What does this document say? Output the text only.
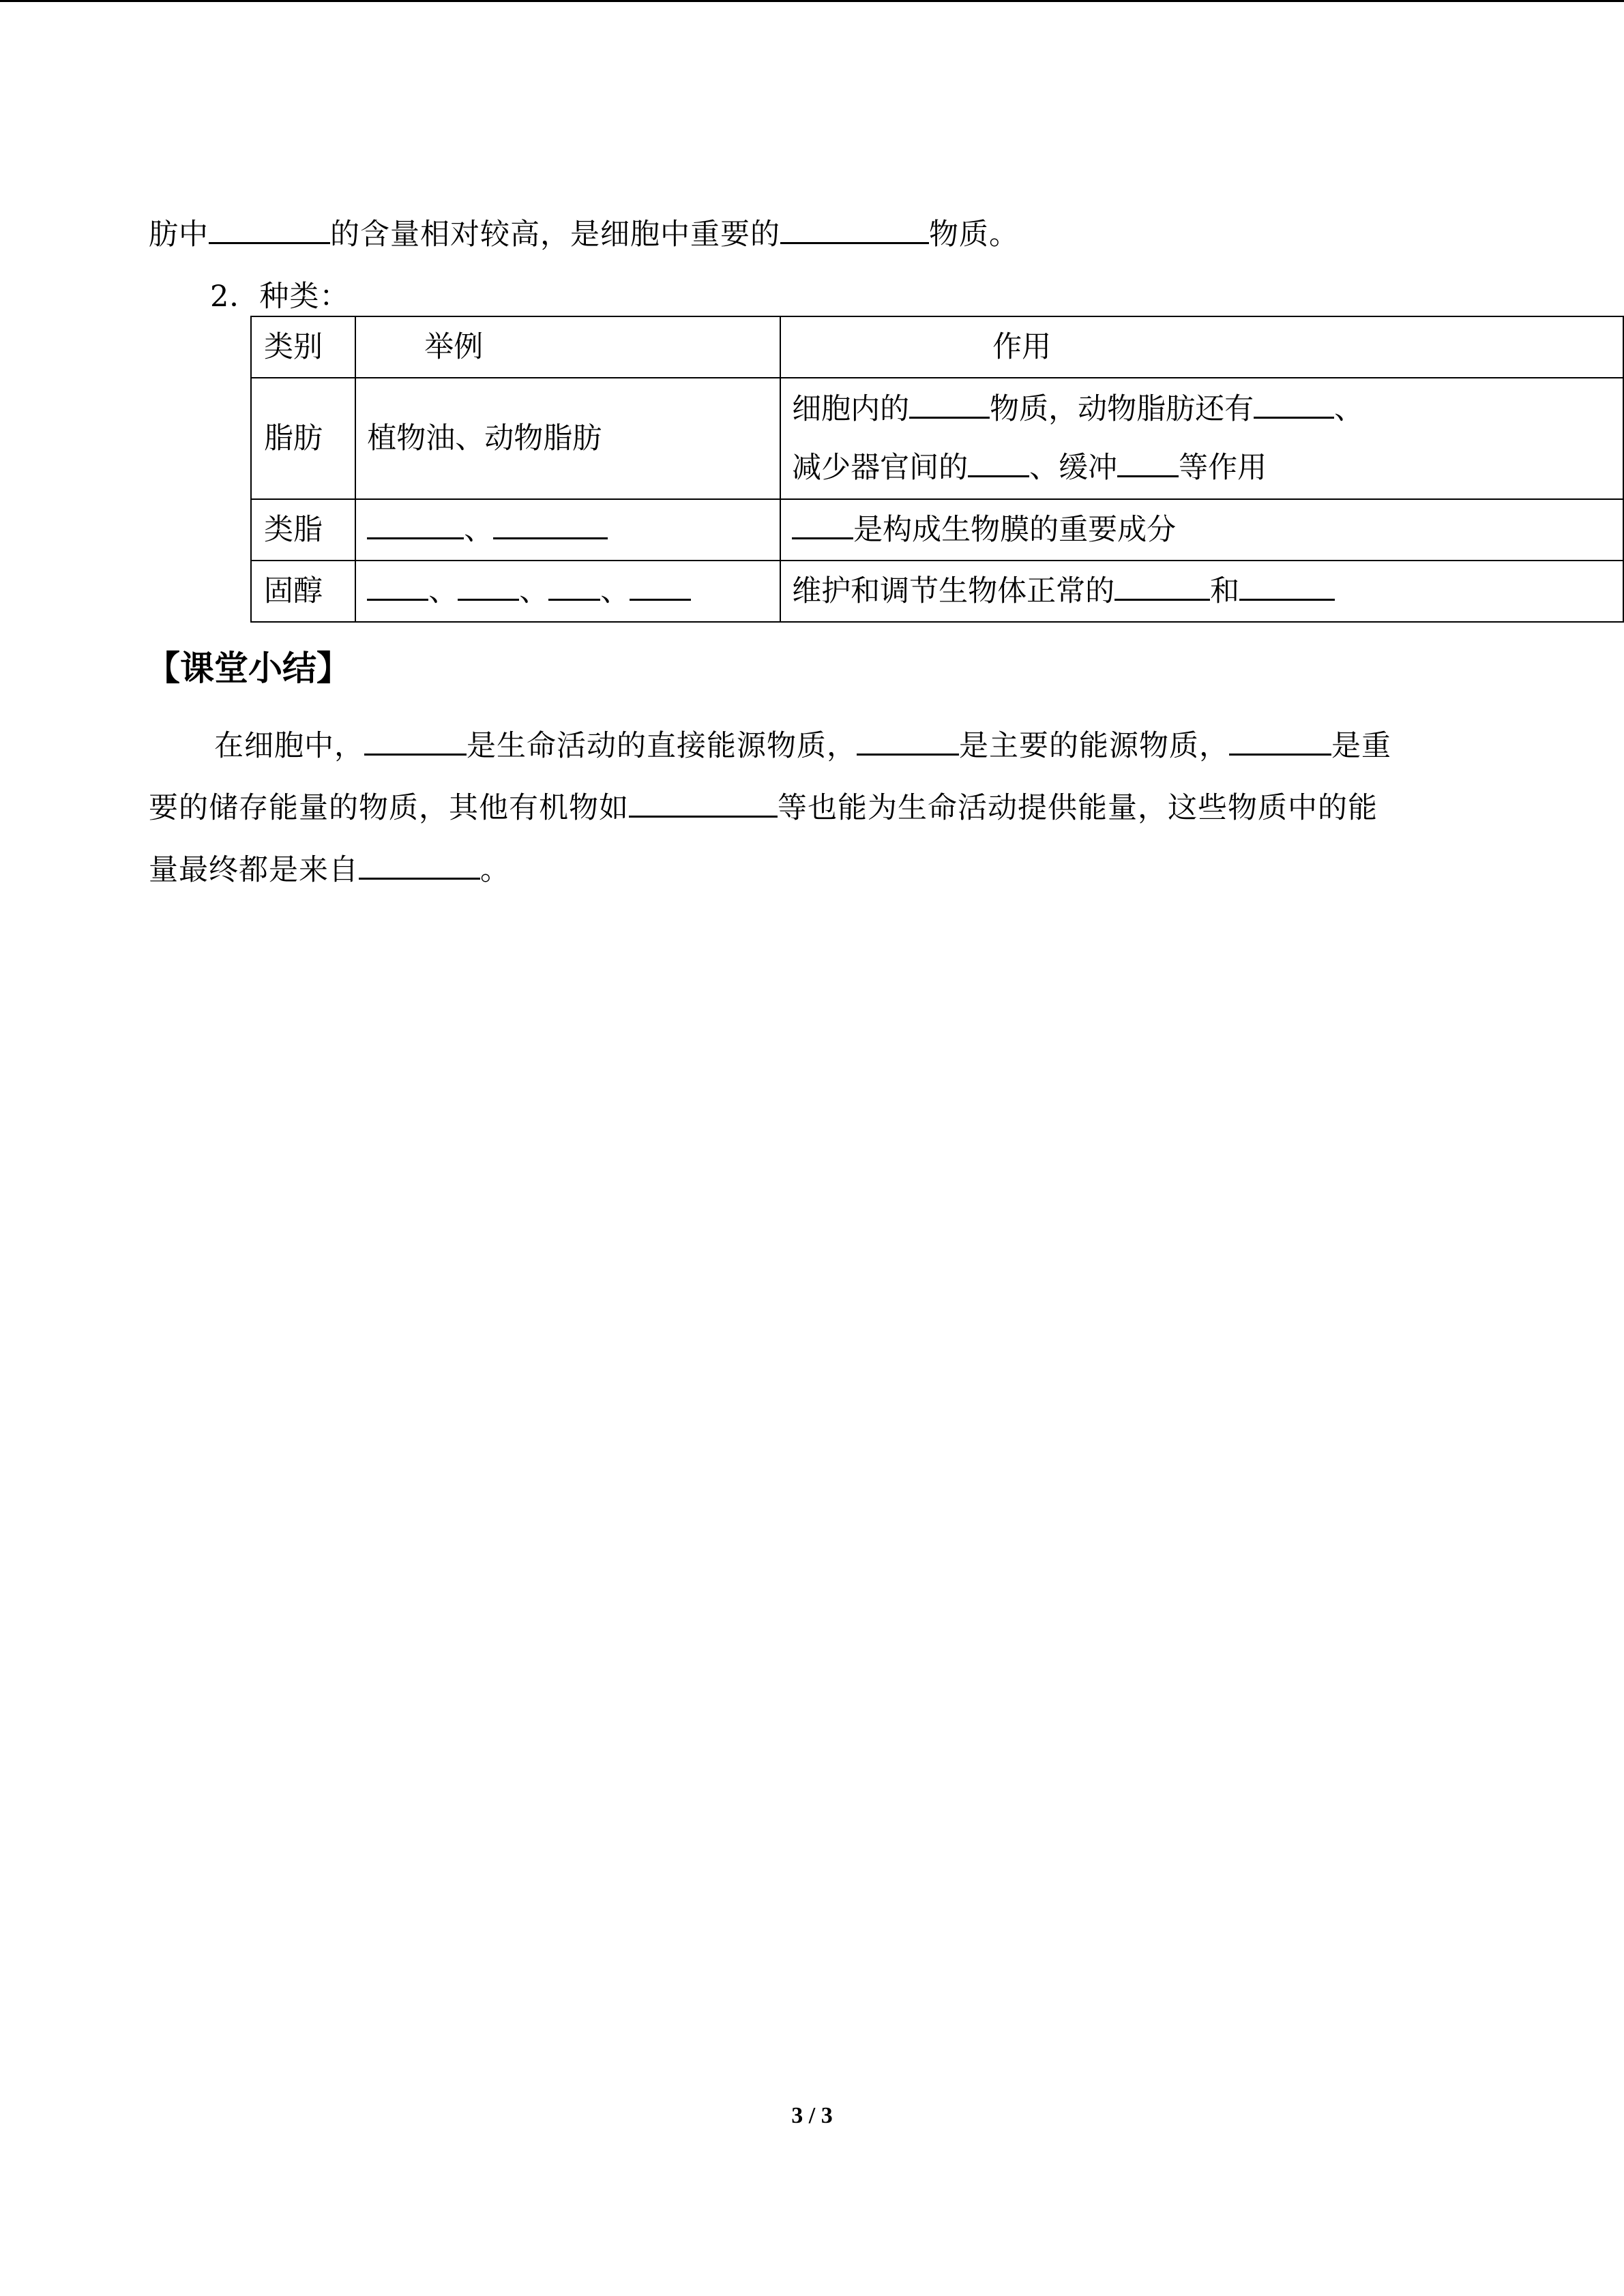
肪中	的含量相对较高，是细胞中重要的	物质。
2．种类：
类别	举例	作用
脂肪	植物油、动物脂肪	细胞内的 物质，动物脂肪还有 、
减少器官间的 、缓冲 等作用

类脂	、	是构成生物膜的重要成分
固醇	、 、 、	维护和调节生物体正常的 和
【课堂小结】
在细胞中，	是生命活动的直接能源物质，	是主要的能源物质，	是重
要的储存能量的物质，其他有机物如	等也能为生命活动提供能量，这些物质中的能
量最终都是来自	。
3 / 3
